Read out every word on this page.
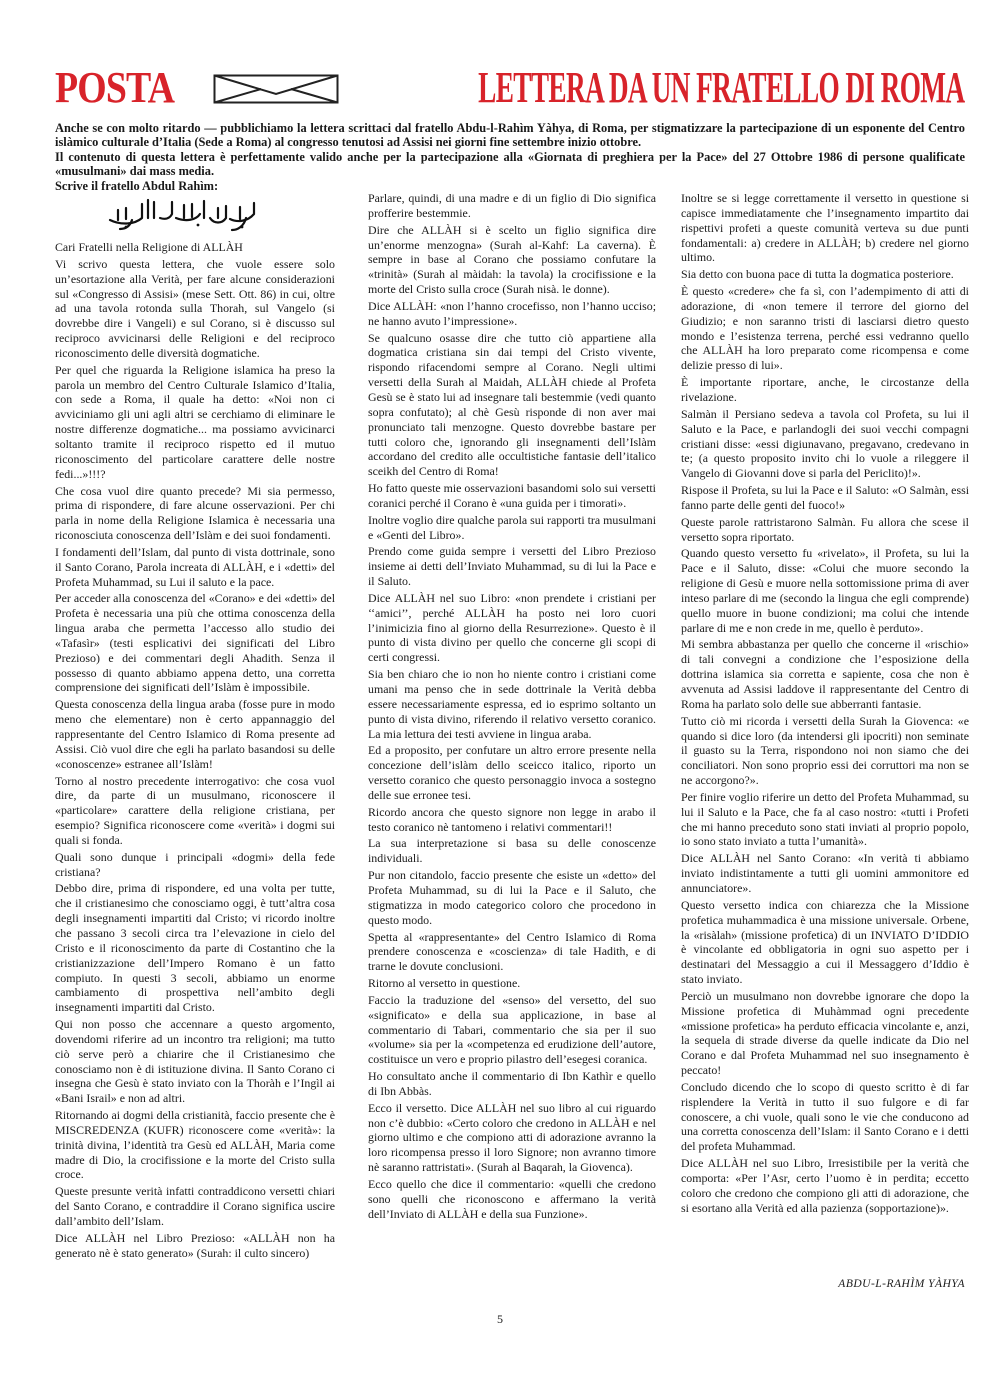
POSTA	LETTERA DA UN FRATELLO DI ROMA

Anche se con molto ritardo — pubblichiamo la lettera scrittaci dal fratello Abdu-l-Rahìm Yàhya, di Roma, per stigmatizzare la partecipazione di un esponente del Centro islàmico culturale d’Italia (Sede a Roma) al congresso tenutosi ad Assisi nei giorni fine settembre inizio ottobre.

Il contenuto di questa lettera è perfettamente valido anche per la partecipazione alla «Giornata di preghiera per la Pace» del 27 Ottobre 1986 di persone qualificate «musulmani» dai mass media.

Scrive il fratello Abdul Rahìm:

Cari Fratelli nella Religione di ALLÀH

Vi scrivo questa lettera, che vuole essere solo un’esortazione alla Verità, per fare alcune considerazioni sul «Congresso di Assisi» (mese Sett. Ott. 86) in cui, oltre ad una tavola rotonda sulla Thorah, sul Vangelo (si dovrebbe dire i Vangeli) e sul Corano, si è discusso sul reciproco avvicinarsi delle Religioni e del reciproco riconoscimento delle diversità dogmatiche.

Per quel che riguarda la Religione islamica ha preso la parola un membro del Centro Culturale Islamico d’Italia, con sede a Roma, il quale ha detto: «Noi non ci avviciniamo gli uni agli altri se cerchiamo di eliminare le nostre differenze dogmatiche... ma possiamo avvicinarci soltanto tramite il reciproco rispetto ed il mutuo riconoscimento del particolare carattere delle nostre fedi...»!!!?

Che cosa vuol dire quanto precede? Mi sia permesso, prima di rispondere, di fare alcune osservazioni. Per chi parla in nome della Religione Islamica è necessaria una riconosciuta conoscenza dell’Islàm e dei suoi fondamenti.

I fondamenti dell’Islam, dal punto di vista dottrinale, sono il Santo Corano, Parola increata di ALLÀH, e i «detti» del Profeta Muhammad, su Lui il saluto e la pace.

Per acceder alla conoscenza del «Corano» e dei «detti» del Profeta è necessaria una più che ottima conoscenza della lingua araba che permetta l’accesso allo studio dei «Tafasìr» (testi esplicativi dei significati del Libro Prezioso) e dei commentari degli Ahadith. Senza il possesso di quanto abbiamo appena detto, una corretta comprensione dei significati dell’Islàm è impossibile.

Questa conoscenza della lingua araba (fosse pure in modo meno che elementare) non è certo appannaggio del rappresentante del Centro Islamico di Roma presente ad Assisi. Ciò vuol dire che egli ha parlato basandosi su delle «conoscenze» estranee all’Islàm!

Torno al nostro precedente interrogativo: che cosa vuol dire, da parte di un musulmano, riconoscere il «particolare» carattere della religione cristiana, per esempio? Significa riconoscere come «verità» i dogmi sui quali si fonda.

Quali sono dunque i principali «dogmi» della fede cristiana?

Debbo dire, prima di rispondere, ed una volta per tutte, che il cristianesimo che conosciamo oggi, è tutt’altra cosa degli insegnamenti impartiti dal Cristo; vi ricordo inoltre che passano 3 secoli circa tra l’elevazione in cielo del Cristo e il riconoscimento da parte di Costantino che la cristianizzazione dell’Impero Romano è un fatto compiuto. In questi 3 secoli, abbiamo un enorme cambiamento di prospettiva nell’ambito degli insegnamenti impartiti dal Cristo.

Qui non posso che accennare a questo argomento, dovendomi riferire ad un incontro tra religioni; ma tutto ciò serve però a chiarire che il Cristianesimo che conosciamo non è di istituzione divina. Il Santo Corano ci insegna che Gesù è stato inviato con la Thoràh e l’Ingìl ai «Bani Israil» e non ad altri.

Ritornando ai dogmi della cristianità, faccio presente che è MISCREDENZA (KUFR) riconoscere come «verità»: la trinità divina, l’identità tra Gesù ed ALLÀH, Maria come madre di Dio, la crocifissione e la morte del Cristo sulla croce.

Queste presunte verità infatti contraddicono versetti chiari del Santo Corano, e contraddire il Corano significa uscire dall’ambito dell’Islam.

Dice ALLÀH nel Libro Prezioso: «ALLÀH non ha generato nè è stato generato» (Surah: il culto sincero)

Parlare, quindi, di una madre e di un figlio di Dio significa profferire bestemmie.

Dire che ALLÀH si è scelto un figlio significa dire un’enorme menzogna» (Surah al-Kahf: La caverna). È sempre in base al Corano che possiamo confutare la «trinità» (Surah al màidah: la tavola) la crocifissione e la morte del Cristo sulla croce (Surah nisà. le donne).

Dice ALLÀH: «non l’hanno crocefisso, non l’hanno ucciso; ne hanno avuto l’impressione».

Se qualcuno osasse dire che tutto ciò appartiene alla dogmatica cristiana sin dai tempi del Cristo vivente, rispondo rifacendomi sempre al Corano. Negli ultimi versetti della Surah al Maidah, ALLÀH chiede al Profeta Gesù se è stato lui ad insegnare tali bestemmie (vedi quanto sopra confutato); al chè Gesù risponde di non aver mai pronunciato tali menzogne. Questo dovrebbe bastare per tutti coloro che, ignorando gli insegnamenti dell’Islàm accordano del credito alle occultistiche fantasie dell’italico sceikh del Centro di Roma!

Ho fatto queste mie osservazioni basandomi solo sui versetti coranici perché il Corano è «una guida per i timorati».

Inoltre voglio dire qualche parola sui rapporti tra musulmani e «Genti del Libro».

Prendo come guida sempre i versetti del Libro Prezioso insieme ai detti dell’Inviato Muhammad, su di lui la Pace e il Saluto.

Dice ALLÀH nel suo Libro: «non prendete i cristiani per ‘‘amici’’, perché ALLÀH ha posto nei loro cuori l’inimicizia fino al giorno della Resurrezione». Questo è il punto di vista divino per quello che concerne gli scopi di certi congressi.

Sia ben chiaro che io non ho niente contro i cristiani come umani ma penso che in sede dottrinale la Verità debba essere necessariamente espressa, ed io esprimo soltanto un punto di vista divino, riferendo il relativo versetto coranico. La mia lettura dei testi avviene in lingua araba.

Ed a proposito, per confutare un altro errore presente nella concezione dell’islàm dello sceicco italico, riporto un versetto coranico che questo personaggio invoca a sostegno delle sue erronee tesi.

Ricordo ancora che questo signore non legge in arabo il testo coranico nè tantomeno i relativi commentari!!

La sua interpretazione si basa su delle conoscenze individuali.

Pur non citandolo, faccio presente che esiste un «detto» del Profeta Muhammad, su di lui la Pace e il Saluto, che stigmatizza in modo categorico coloro che procedono in questo modo.

Spetta al «rappresentante» del Centro Islamico di Roma prendere conoscenza e «coscienza» di tale Hadith, e di trarne le dovute conclusioni.

Ritorno al versetto in questione.

Faccio la traduzione del «senso» del versetto, del suo «significato» e della sua applicazione, in base al commentario di Tabari, commentario che sia per il suo «volume» sia per la «competenza ed erudizione dell’autore, costituisce un vero e proprio pilastro dell’esegesi coranica.

Ho consultato anche il commentario di Ibn Kathìr e quello di Ibn Abbàs.

Ecco il versetto. Dice ALLÀH nel suo libro al cui riguardo non c’è dubbio: «Certo coloro che credono in ALLÀH e nel giorno ultimo e che compiono atti di adorazione avranno la loro ricompensa presso il loro Signore; non avranno timore nè saranno rattristati». (Surah al Baqarah, la Giovenca).

Ecco quello che dice il commentario: «quelli che credono sono quelli che riconoscono e affermano la verità dell’Inviato di ALLÀH e della sua Funzione».

Inoltre se si legge correttamente il versetto in questione si capisce immediatamente che l’insegnamento impartito dai rispettivi profeti a queste comunità verteva su due punti fondamentali: a) credere in ALLÀH; b) credere nel giorno ultimo.

Sia detto con buona pace di tutta la dogmatica posteriore.

È questo «credere» che fa sì, con l’adempimento di atti di adorazione, di «non temere il terrore del giorno del Giudizio; e non saranno tristi di lasciarsi dietro questo mondo e l’esistenza terrena, perché essi vedranno quello che ALLÀH ha loro preparato come ricompensa e come delizie presso di lui».

È importante riportare, anche, le circostanze della rivelazione.

Salmàn il Persiano sedeva a tavola col Profeta, su lui il Saluto e la Pace, e parlandogli dei suoi vecchi compagni cristiani disse: «essi digiunavano, pregavano, credevano in te; (a questo proposito invito chi lo vuole a rileggere il Vangelo di Giovanni dove si parla del Periclito)!».

Rispose il Profeta, su lui la Pace e il Saluto: «O Salmàn, essi fanno parte delle genti del fuoco!»

Queste parole rattristarono Salmàn. Fu allora che scese il versetto sopra riportato.

Quando questo versetto fu «rivelato», il Profeta, su lui la Pace e il Saluto, disse: «Colui che muore secondo la religione di Gesù e muore nella sottomissione prima di aver inteso parlare di me (secondo la lingua che egli comprende) quello muore in buone condizioni; ma colui che intende parlare di me e non crede in me, quello è perduto».

Mi sembra abbastanza per quello che concerne il «rischio» di tali convegni a condizione che l’esposizione della dottrina islamica sia corretta e sapiente, cosa che non è avvenuta ad Assisi laddove il rappresentante del Centro di Roma ha parlato solo delle sue abberranti fantasie.

Tutto ciò mi ricorda i versetti della Surah la Giovenca: «e quando si dice loro (da intendersi gli ipocriti) non seminate il guasto su la Terra, rispondono noi non siamo che dei conciliatori. Non sono proprio essi dei corruttori ma non se ne accorgono?».

Per finire voglio riferire un detto del Profeta Muhammad, su lui il Saluto e la Pace, che fa al caso nostro: «tutti i Profeti che mi hanno preceduto sono stati inviati al proprio popolo, io sono stato inviato a tutta l’umanità».

Dice ALLÀH nel Santo Corano: «In verità ti abbiamo inviato indistintamente a tutti gli uomini ammonitore ed annunciatore».

Questo versetto indica con chiarezza che la Missione profetica muhammadica è una missione universale. Orbene, la «risàlah» (missione profetica) di un INVIATO D’IDDIO è vincolante ed obbligatoria in ogni suo aspetto per i destinatari del Messaggio a cui il Messaggero d’Iddio è stato inviato.

Perciò un musulmano non dovrebbe ignorare che dopo la Missione profetica di Muhàmmad ogni precedente «missione profetica» ha perduto efficacia vincolante e, anzi, la sequela di strade diverse da quelle indicate da Dio nel Corano e dal Profeta Muhammad nel suo insegnamento è peccato!

Concludo dicendo che lo scopo di questo scritto è di far risplendere la Verità in tutto il suo fulgore e di far conoscere, a chi vuole, quali sono le vie che conducono ad una corretta conoscenza dell’Islam: il Santo Corano e i detti del profeta Muhammad.

Dice ALLÀH nel suo Libro, Irresistibile per la verità che comporta: «Per l’Asr, certo l’uomo è in perdita; eccetto coloro che credono che compiono gli atti di adorazione, che si esortano alla Verità ed alla pazienza (sopportazione)».

ABDU-L-RAHÌM YÀHYA
5
